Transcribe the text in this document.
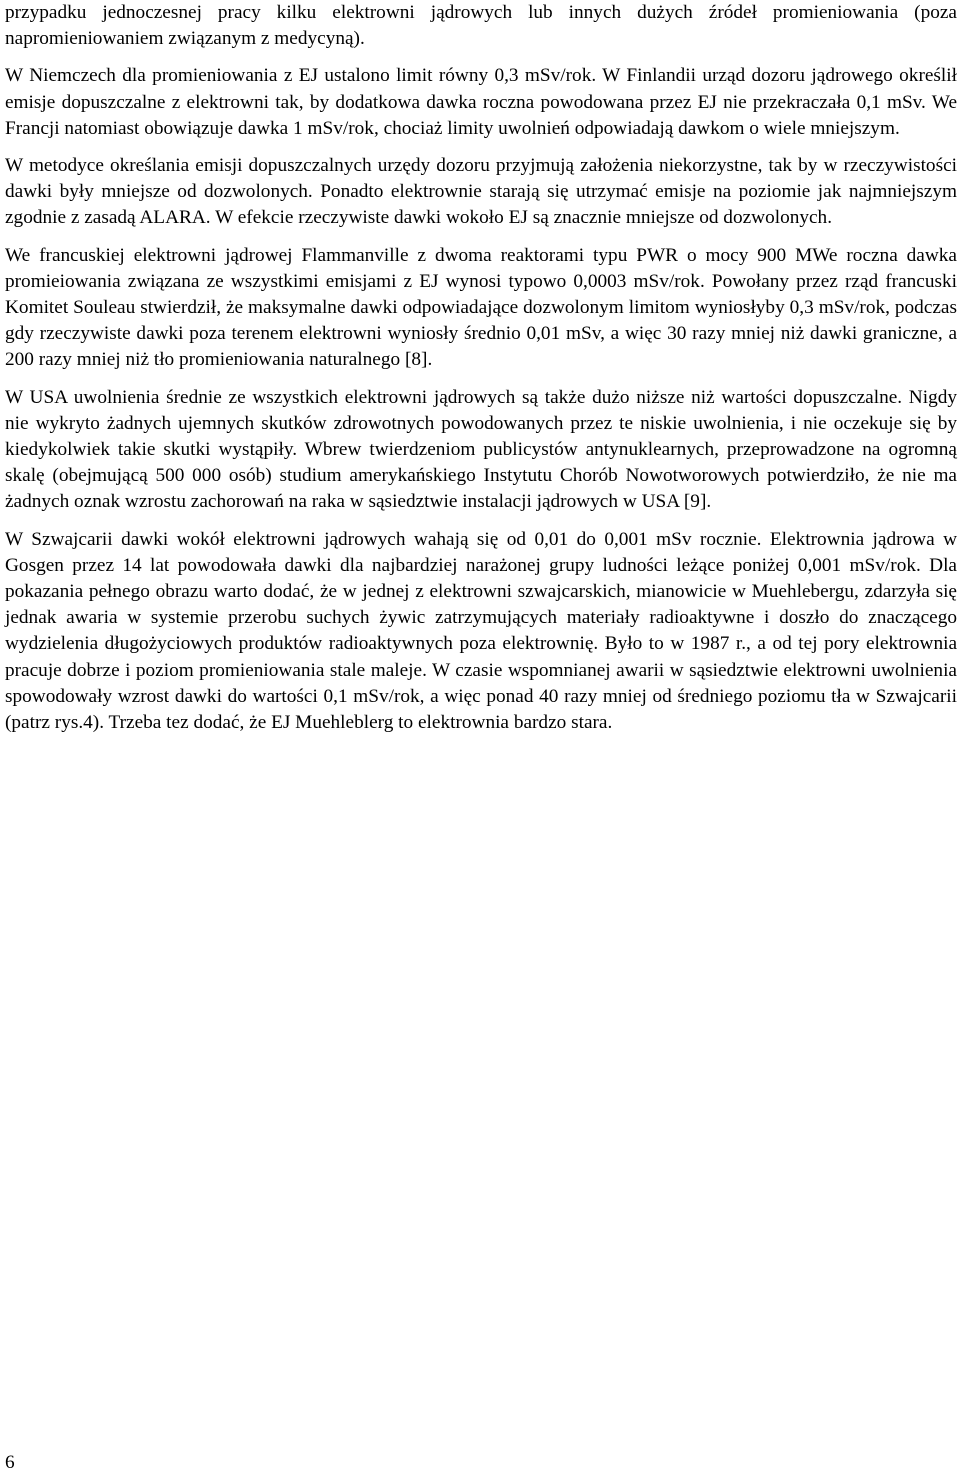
przypadku jednoczesnej pracy kilku elektrowni jądrowych lub innych dużych źródeł promieniowania (poza napromieniowaniem związanym z medycyną).

W Niemczech dla promieniowania z EJ ustalono limit równy 0,3 mSv/rok. W Finlandii urząd dozoru jądrowego określił emisje dopuszczalne z elektrowni tak, by dodatkowa dawka roczna powodowana przez EJ nie przekraczała 0,1 mSv. We Francji natomiast obowiązuje dawka 1 mSv/rok, chociaż limity uwolnień odpowiadają dawkom o wiele mniejszym.

W metodyce określania emisji dopuszczalnych urzędy dozoru przyjmują założenia niekorzystne, tak by w rzeczywistości dawki były mniejsze od dozwolonych. Ponadto elektrownie starają się utrzymać emisje na poziomie jak najmniejszym zgodnie z zasadą ALARA. W efekcie rzeczywiste dawki wokoło EJ są znacznie mniejsze od dozwolonych.

We francuskiej elektrowni jądrowej Flammanville z dwoma reaktorami typu PWR o mocy 900 MWe roczna dawka promieiowania związana ze wszystkimi emisjami z EJ wynosi typowo 0,0003 mSv/rok. Powołany przez rząd francuski Komitet Souleau stwierdził, że maksymalne dawki odpowiadające dozwolonym limitom wyniosłyby 0,3 mSv/rok, podczas gdy rzeczywiste dawki poza terenem elektrowni wyniosły średnio 0,01 mSv, a więc 30 razy mniej niż dawki graniczne, a 200 razy mniej niż tło promieniowania naturalnego [8].

W USA uwolnienia średnie ze wszystkich elektrowni jądrowych są także dużo niższe niż wartości dopuszczalne. Nigdy nie wykryto żadnych ujemnych skutków zdrowotnych powodowanych przez te niskie uwolnienia, i nie oczekuje się by kiedykolwiek takie skutki wystąpiły. Wbrew twierdzeniom publicystów antynuklearnych, przeprowadzone na ogromną skalę (obejmującą 500 000 osób) studium amerykańskiego Instytutu Chorób Nowotworowych potwierdziło, że nie ma żadnych oznak wzrostu zachorowań na raka w sąsiedztwie instalacji jądrowych w USA [9].

W Szwajcarii dawki wokół elektrowni jądrowych wahają się od 0,01 do 0,001 mSv rocznie. Elektrownia jądrowa w Gosgen przez 14 lat powodowała dawki dla najbardziej narażonej grupy ludności leżące poniżej 0,001 mSv/rok. Dla pokazania pełnego obrazu warto dodać, że w jednej z elektrowni szwajcarskich, mianowicie w Muehlebergu, zdarzyła się jednak awaria w systemie przerobu suchych żywic zatrzymujących materiały radioaktywne i doszło do znaczącego wydzielenia długożyciowych produktów radioaktywnych poza elektrownię. Było to w 1987 r., a od tej pory elektrownia pracuje dobrze i poziom promieniowania stale maleje. W czasie wspomnianej awarii w sąsiedztwie elektrowni uwolnienia spowodowały wzrost dawki do wartości 0,1 mSv/rok, a więc ponad 40 razy mniej od średniego poziomu tła w Szwajcarii (patrz rys.4). Trzeba tez dodać, że EJ Muehleblerg to elektrownia bardzo stara.

6
